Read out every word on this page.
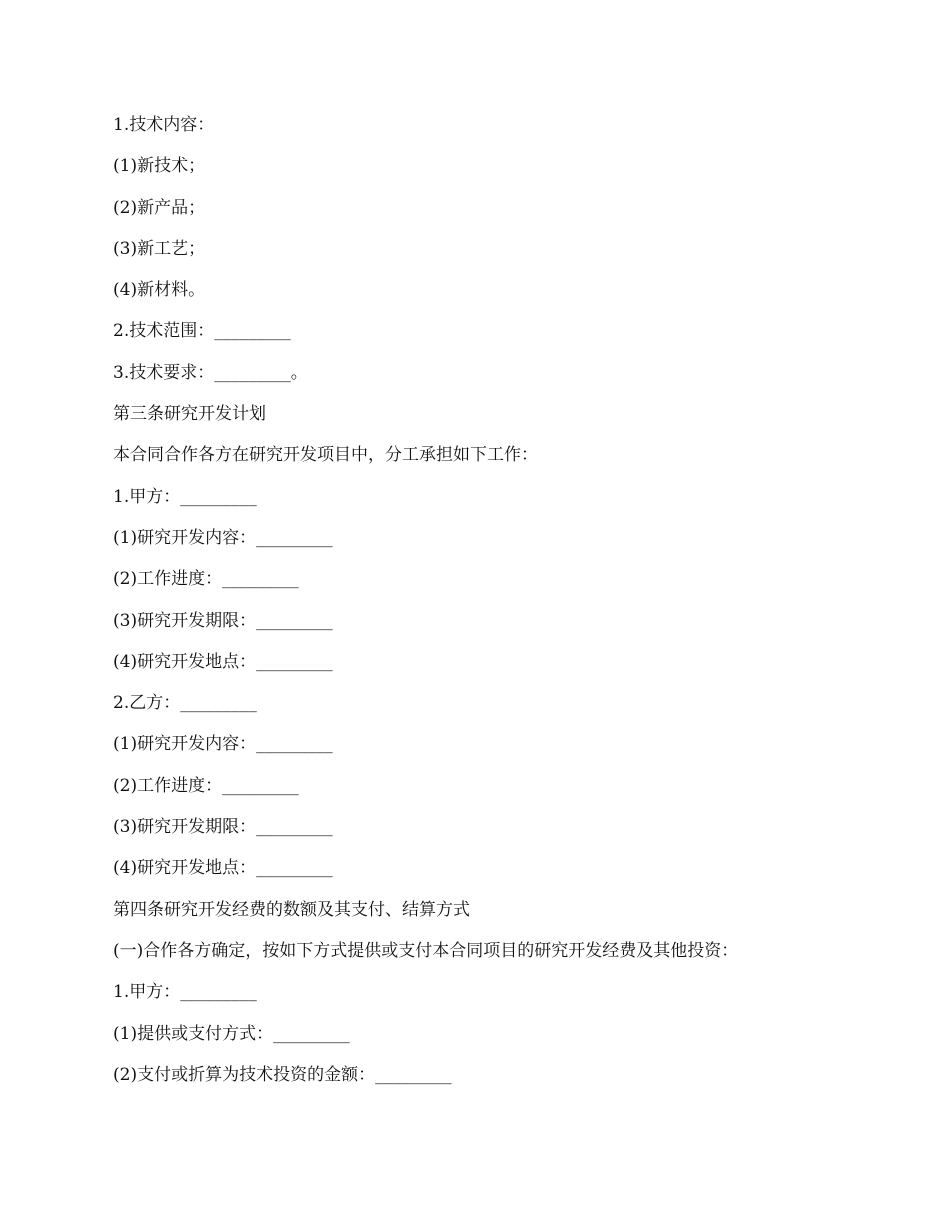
1.技术内容：
(1)新技术；
(2)新产品；
(3)新工艺；
(4)新材料。
2.技术范围：_________
3.技术要求：_________。
第三条研究开发计划
本合同合作各方在研究开发项目中，分工承担如下工作：
1.甲方：_________
(1)研究开发内容：_________
(2)工作进度：_________
(3)研究开发期限：_________
(4)研究开发地点：_________
2.乙方：_________
(1)研究开发内容：_________
(2)工作进度：_________
(3)研究开发期限：_________
(4)研究开发地点：_________
第四条研究开发经费的数额及其支付、结算方式
(一)合作各方确定，按如下方式提供或支付本合同项目的研究开发经费及其他投资：
1.甲方：_________
(1)提供或支付方式：_________
(2)支付或折算为技术投资的金额：_________
